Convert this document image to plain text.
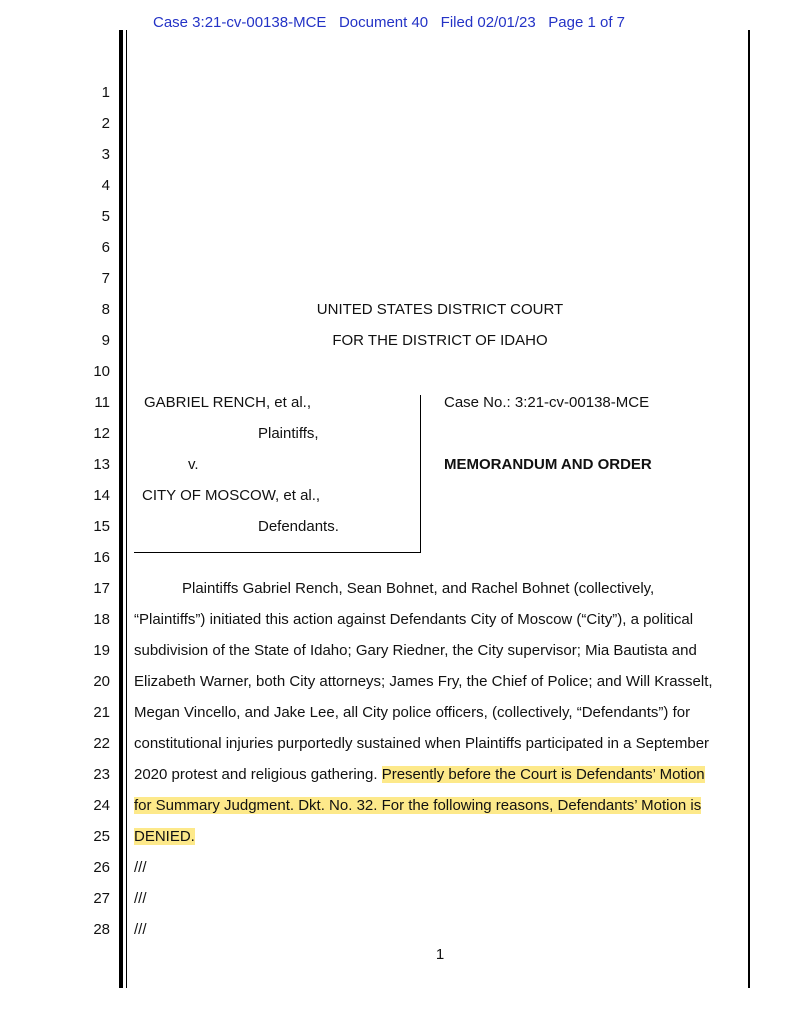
Case 3:21-cv-00138-MCE Document 40 Filed 02/01/23 Page 1 of 7
1
2
3
4
5
6
7
8
9
10
11
12
13
14
15
16
17
18
19
20
21
22
23
24
25
26
27
28
UNITED STATES DISTRICT COURT
FOR THE DISTRICT OF IDAHO
GABRIEL RENCH, et al.,
Plaintiffs,
v.
CITY OF MOSCOW, et al.,
Defendants.
Case No.: 3:21-cv-00138-MCE
MEMORANDUM AND ORDER
Plaintiffs Gabriel Rench, Sean Bohnet, and Rachel Bohnet (collectively,
“Plaintiffs”) initiated this action against Defendants City of Moscow (“City”), a political
subdivision of the State of Idaho; Gary Riedner, the City supervisor; Mia Bautista and
Elizabeth Warner, both City attorneys; James Fry, the Chief of Police; and Will Krasselt,
Megan Vincello, and Jake Lee, all City police officers, (collectively, “Defendants”) for
constitutional injuries purportedly sustained when Plaintiffs participated in a September
2020 protest and religious gathering. Presently before the Court is Defendants’ Motion
for Summary Judgment. Dkt. No. 32. For the following reasons, Defendants’ Motion is
DENIED.
///
///
///
1
